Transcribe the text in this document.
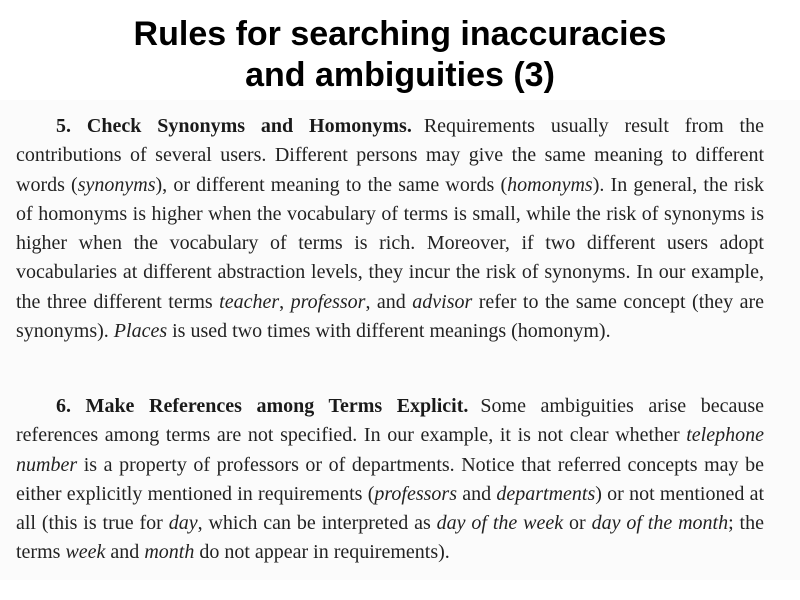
Rules for searching inaccuracies
and ambiguities (3)

5. Check Synonyms and Homonyms. Requirements usually result from the contributions of several users. Different persons may give the same meaning to different words (synonyms), or different meaning to the same words (homonyms). In general, the risk of homonyms is higher when the vocabulary of terms is small, while the risk of synonyms is higher when the vocabulary of terms is rich. Moreover, if two different users adopt vocabularies at different abstraction levels, they incur the risk of synonyms. In our example, the three different terms teacher, professor, and advisor refer to the same concept (they are synonyms). Places is used two times with different meanings (homonym).

6. Make References among Terms Explicit. Some ambiguities arise because references among terms are not specified. In our example, it is not clear whether telephone number is a property of professors or of departments. Notice that referred concepts may be either explicitly mentioned in requirements (professors and departments) or not mentioned at all (this is true for day, which can be interpreted as day of the week or day of the month; the terms week and month do not appear in requirements).
